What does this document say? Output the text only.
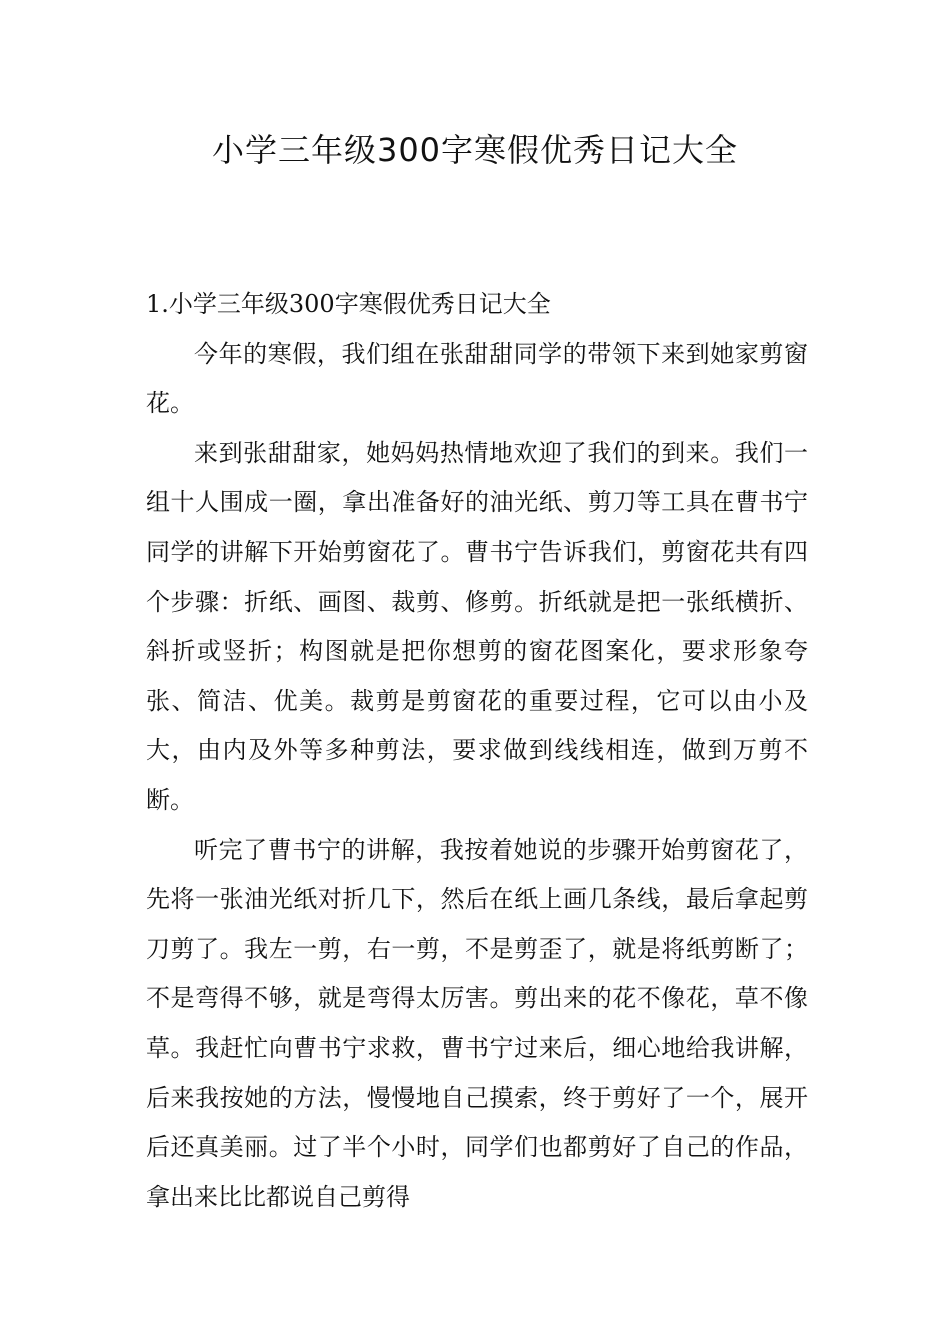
小学三年级300字寒假优秀日记大全

1.小学三年级300字寒假优秀日记大全

今年的寒假，我们组在张甜甜同学的带领下来到她家剪窗花。

来到张甜甜家，她妈妈热情地欢迎了我们的到来。我们一组十人围成一圈，拿出准备好的油光纸、剪刀等工具在曹书宁同学的讲解下开始剪窗花了。曹书宁告诉我们，剪窗花共有四个步骤：折纸、画图、裁剪、修剪。折纸就是把一张纸横折、斜折或竖折；构图就是把你想剪的窗花图案化，要求形象夸张、简洁、优美。裁剪是剪窗花的重要过程，它可以由小及大，由内及外等多种剪法，要求做到线线相连，做到万剪不断。

听完了曹书宁的讲解，我按着她说的步骤开始剪窗花了，先将一张油光纸对折几下，然后在纸上画几条线，最后拿起剪刀剪了。我左一剪，右一剪，不是剪歪了，就是将纸剪断了；不是弯得不够，就是弯得太厉害。剪出来的花不像花，草不像草。我赶忙向曹书宁求救，曹书宁过来后，细心地给我讲解，后来我按她的方法，慢慢地自己摸索，终于剪好了一个，展开后还真美丽。过了半个小时，同学们也都剪好了自己的作品，拿出来比比都说自己剪得
